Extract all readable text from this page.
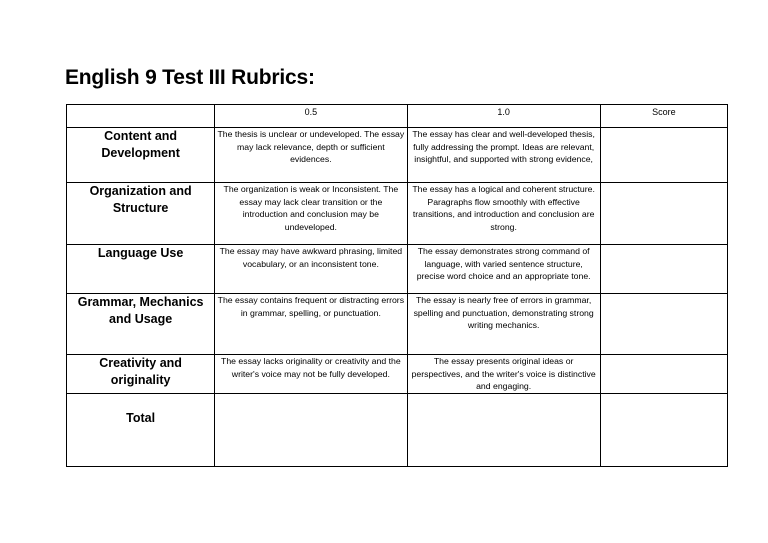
English 9 Test III Rubrics:
	0.5	1.0	Score
Content and Development	The thesis is unclear or undeveloped. The essay may lack relevance, depth or sufficient evidences.	The essay has clear and well-developed thesis, fully addressing the prompt. Ideas are relevant, insightful, and supported with strong evidence,	
Organization and Structure	The organization is weak or Inconsistent. The essay may lack clear transition or the introduction and conclusion may be undeveloped.	The essay has a logical and coherent structure. Paragraphs flow smoothly with effective transitions, and introduction and conclusion are strong.	
Language Use	The essay may have awkward phrasing, limited vocabulary, or an inconsistent tone.	The essay demonstrates strong command of language, with varied sentence structure, precise word choice and an appropriate tone.	
Grammar, Mechanics and Usage	The essay contains frequent or distracting errors in grammar, spelling, or punctuation.	The essay is nearly free of errors in grammar, spelling and punctuation, demonstrating strong writing mechanics.	
Creativity and originality	The essay lacks originality or creativity and the writer's voice may not be fully developed.	The essay presents original ideas or perspectives, and the writer's voice is distinctive and engaging.	
Total			
